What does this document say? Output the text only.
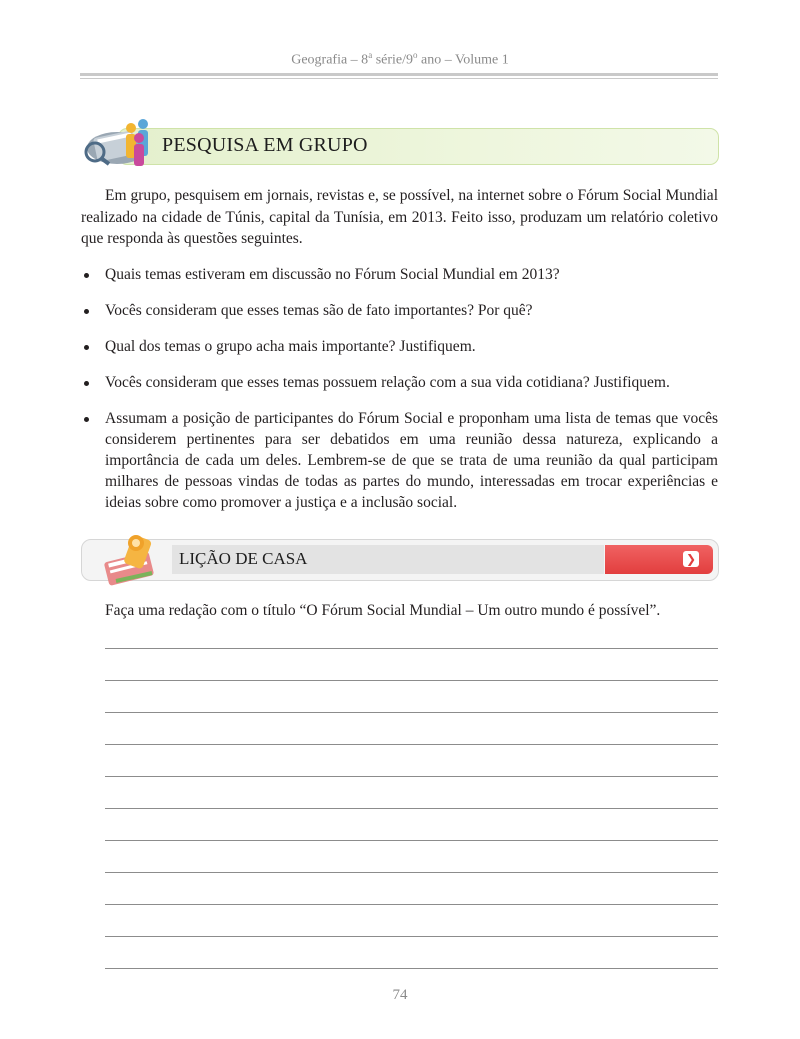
Geografia – 8$^a$ série/9$^o$ ano – Volume 1
PESQUISA EM GRUPO
Em grupo, pesquisem em jornais, revistas e, se possível, na internet sobre o Fórum Social Mundial realizado na cidade de Túnis, capital da Tunísia, em 2013. Feito isso, produzam um relatório coletivo que responda às questões seguintes.
Quais temas estiveram em discussão no Fórum Social Mundial em 2013?
Vocês consideram que esses temas são de fato importantes? Por quê?
Qual dos temas o grupo acha mais importante? Justifiquem.
Vocês consideram que esses temas possuem relação com a sua vida cotidiana? Justifiquem.
Assumam a posição de participantes do Fórum Social e proponham uma lista de temas que vocês considerem pertinentes para ser debatidos em uma reunião dessa natureza, explicando a importância de cada um deles. Lembrem-se de que se trata de uma reunião da qual participam milhares de pessoas vindas de todas as partes do mundo, interessadas em trocar experiências e ideias sobre como promover a justiça e a inclusão social.
❯
LIÇÃO DE CASA
Faça uma redação com o título “O Fórum Social Mundial – Um outro mundo é possível”.
74
